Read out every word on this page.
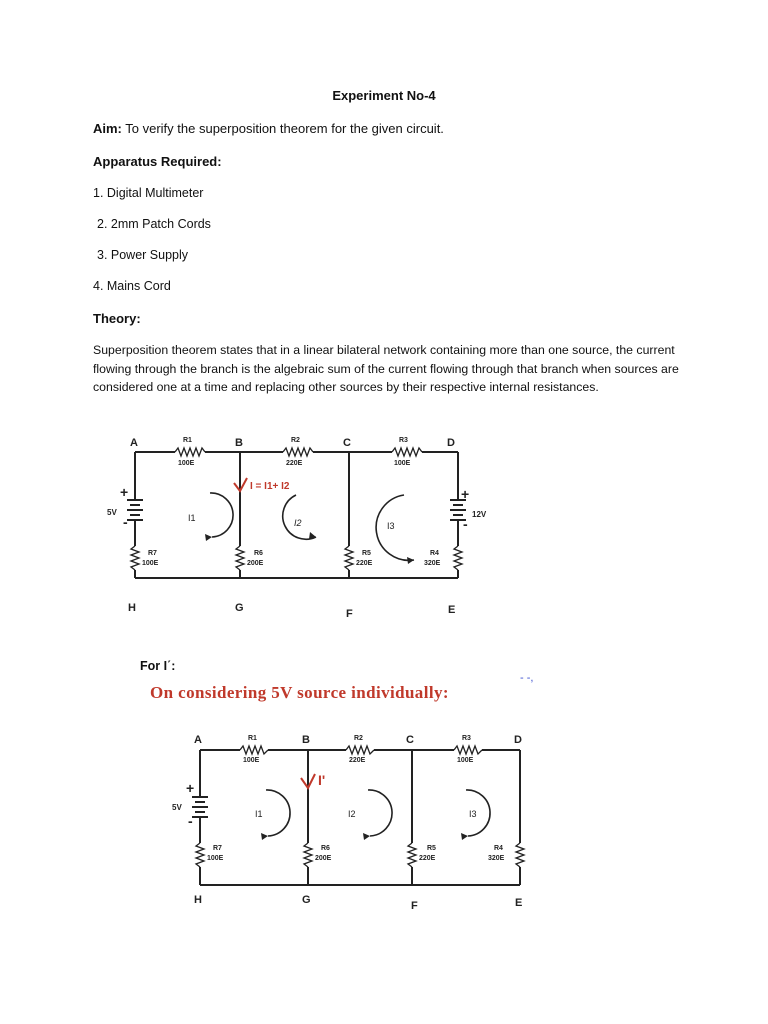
Experiment No-4
Aim: To verify the superposition theorem for the given circuit.
Apparatus Required:
1. Digital Multimeter
2. 2mm Patch Cords
3. Power Supply
4. Mains Cord
Theory:
Superposition theorem states that in a linear bilateral network containing more than one source, the current flowing through the branch is the algebraic sum of the current flowing through that branch when sources are considered one at a time and replacing other sources by their respective internal resistances.
A	B	C	D
H	G	F	E
R1
100E
R2
220E
R3
100E
R7
100E
R6
200E
R5
220E
R4
320E
5V	12V
+
-
+
-
I1	I2	I3
I = I1+ I2
For I΄:
- -,
On considering 5V source individually:
A	B	C	D
H	G	F	E
R1
100E
R2
220E
R3
100E
R7
100E
R6
200E
R5
220E
R4
320E
5V
+
-	I1	I2	I3
I'
